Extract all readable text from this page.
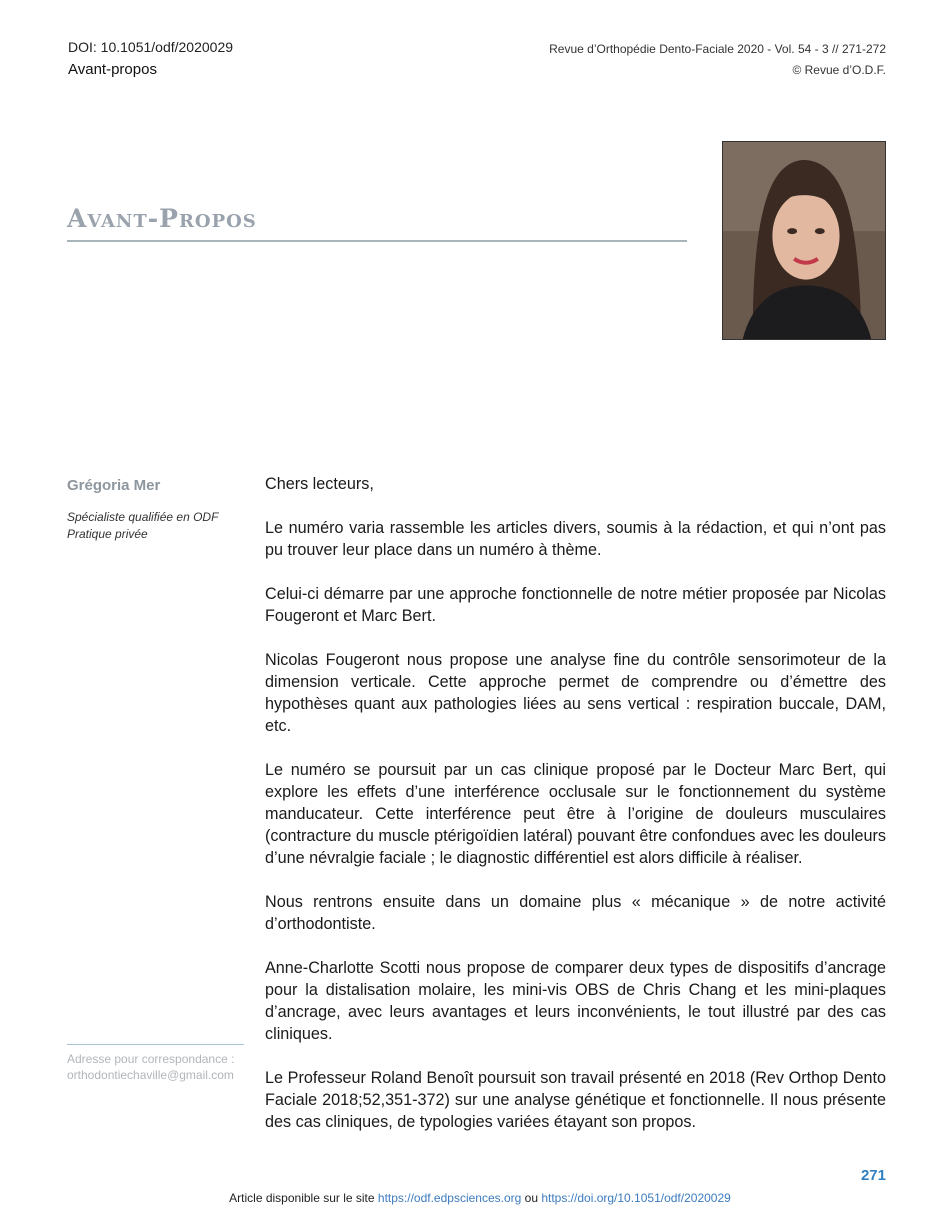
DOI: 10.1051/odf/2020029
Avant-propos
Revue d’Orthopédie Dento-Faciale 2020 - Vol. 54 - 3 // 271-272
© Revue d’O.D.F.
Avant-Propos
Grégoria Mer
Spécialiste qualifiée en ODF
Pratique privée
Adresse pour correspondance :
orthodontiechaville@gmail.com

Chers lecteurs,

Le numéro varia rassemble les articles divers, soumis à la rédaction, et qui n’ont pas pu trouver leur place dans un numéro à thème.

Celui-ci démarre par une approche fonctionnelle de notre métier proposée par Nicolas Fougeront et Marc Bert.

Nicolas Fougeront nous propose une analyse fine du contrôle sensorimoteur de la dimension verticale. Cette approche permet de comprendre ou d’émettre des hypothèses quant aux pathologies liées au sens vertical : respiration buccale, DAM, etc.

Le numéro se poursuit par un cas clinique proposé par le Docteur Marc Bert, qui explore les effets d’une interférence occlusale sur le fonctionnement du système manducateur. Cette interférence peut être à l’origine de douleurs musculaires (contracture du muscle ptérigoïdien latéral) pouvant être confondues avec les douleurs d’une névralgie faciale ; le diagnostic différentiel est alors difficile à réaliser.

Nous rentrons ensuite dans un domaine plus « mécanique » de notre activité d’orthodontiste.

Anne-Charlotte Scotti nous propose de comparer deux types de dispositifs d’ancrage pour la distalisation molaire, les mini-vis OBS de Chris Chang et les mini-plaques d’ancrage, avec leurs avantages et leurs inconvénients, le tout illustré par des cas cliniques.

Le Professeur Roland Benoît poursuit son travail présenté en 2018 (Rev Orthop Dento Faciale 2018;52,351-372) sur une analyse génétique et fonctionnelle. Il nous présente des cas cliniques, de typologies variées étayant son propos.

271
Article disponible sur le site https://odf.edpsciences.org ou https://doi.org/10.1051/odf/2020029
